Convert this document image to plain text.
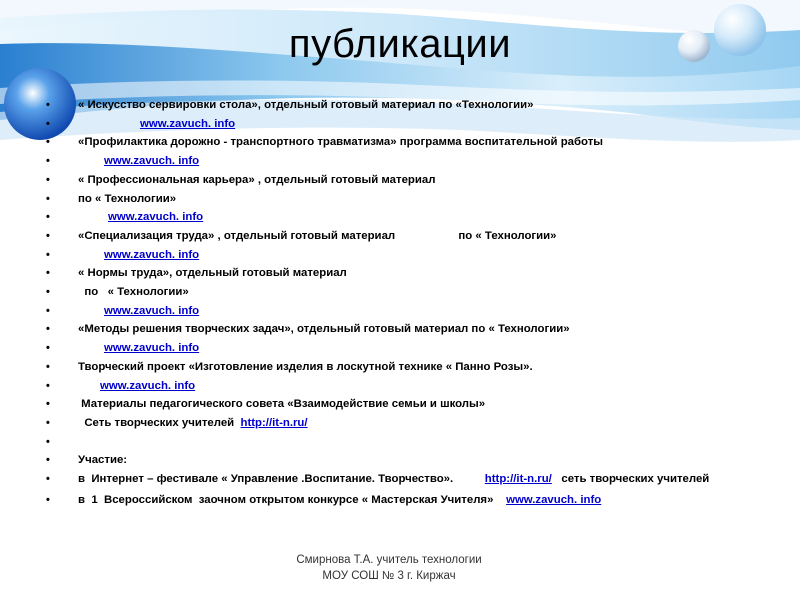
публикации
• « Искусство сервировки стола», отдельный готовый материал по «Технологии»
•	www.zavuch. info
• «Профилактика дорожно - транспортного травматизма» программа воспитательной работы
•	www.zavuch. info
• « Профессиональная карьера» , отдельный готовый материал
• по « Технологии»
•	www.zavuch. info
• «Специализация труда» , отдельный готовый материал                    по « Технологии»
•	www.zavuch. info
• « Нормы труда», отдельный готовый материал
• по   « Технологии»
•	www.zavuch. info
• «Методы решения творческих задач», отдельный готовый материал по « Технологии»
•	www.zavuch. info
• Творческий проект «Изготовление изделия в лоскутной технике « Панно Розы».
•	www.zavuch. info
• Материалы педагогического совета «Взаимодействие семьи и школы»
• Сеть творческих учителей  http://it-n.ru/
•
• Участие:
• в  Интернет – фестивале « Управление .Воспитание. Творчество».          http://it-n.ru/   сеть творческих учителей
• в  1  Всероссийском  заочном открытом конкурсе « Мастерская Учителя»    www.zavuch. info
Смирнова Т.А. учитель технологии
МОУ СОШ № 3 г. Киржач
